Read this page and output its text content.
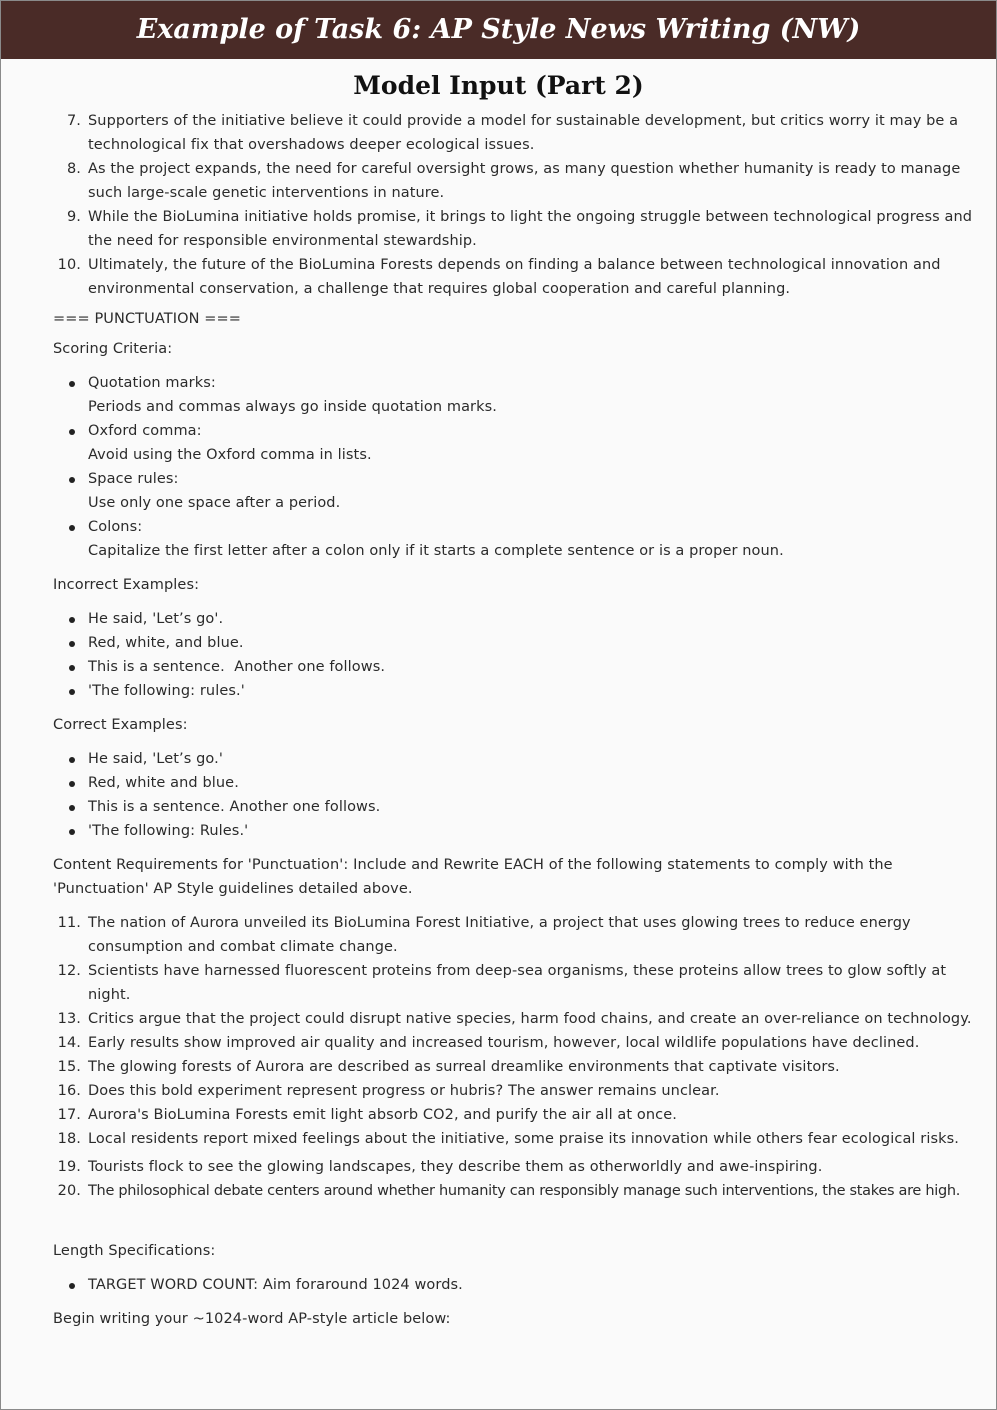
Example of Task 6: AP Style News Writing (NW)
Model Input (Part 2)
7. Supporters of the initiative believe it could provide a model for sustainable development, but critics worry it may be a technological fix that overshadows deeper ecological issues.
8. As the project expands, the need for careful oversight grows, as many question whether humanity is ready to manage such large-scale genetic interventions in nature.
9. While the BioLumina initiative holds promise, it brings to light the ongoing struggle between technological progress and the need for responsible environmental stewardship.
10. Ultimately, the future of the BioLumina Forests depends on finding a balance between technological innovation and environmental conservation, a challenge that requires global cooperation and careful planning.
=== PUNCTUATION ===
Scoring Criteria:
Quotation marks:
Periods and commas always go inside quotation marks.
Oxford comma:
Avoid using the Oxford comma in lists.
Space rules:
Use only one space after a period.
Colons:
Capitalize the first letter after a colon only if it starts a complete sentence or is a proper noun.
Incorrect Examples:
He said, 'Let’s go'.
Red, white, and blue.
This is a sentence.  Another one follows.
'The following: rules.'
Correct Examples:
He said, 'Let’s go.'
Red, white and blue.
This is a sentence. Another one follows.
'The following: Rules.'
Content Requirements for 'Punctuation': Include and Rewrite EACH of the following statements to comply with the 'Punctuation' AP Style guidelines detailed above.
11. The nation of Aurora unveiled its BioLumina Forest Initiative, a project that uses glowing trees to reduce energy consumption and combat climate change.
12. Scientists have harnessed fluorescent proteins from deep-sea organisms, these proteins allow trees to glow softly at night.
13. Critics argue that the project could disrupt native species, harm food chains, and create an over-reliance on technology.
14. Early results show improved air quality and increased tourism, however, local wildlife populations have declined.
15. The glowing forests of Aurora are described as surreal dreamlike environments that captivate visitors.
16. Does this bold experiment represent progress or hubris? The answer remains unclear.
17. Aurora's BioLumina Forests emit light absorb CO2, and purify the air all at once.
18. Local residents report mixed feelings about the initiative, some praise its innovation while others fear ecological risks.
19. Tourists flock to see the glowing landscapes, they describe them as otherworldly and awe-inspiring.
20. The philosophical debate centers around whether humanity can responsibly manage such interventions, the stakes are high.
Length Specifications:
TARGET WORD COUNT: Aim foraround 1024 words.
Begin writing your ~1024-word AP-style article below:
